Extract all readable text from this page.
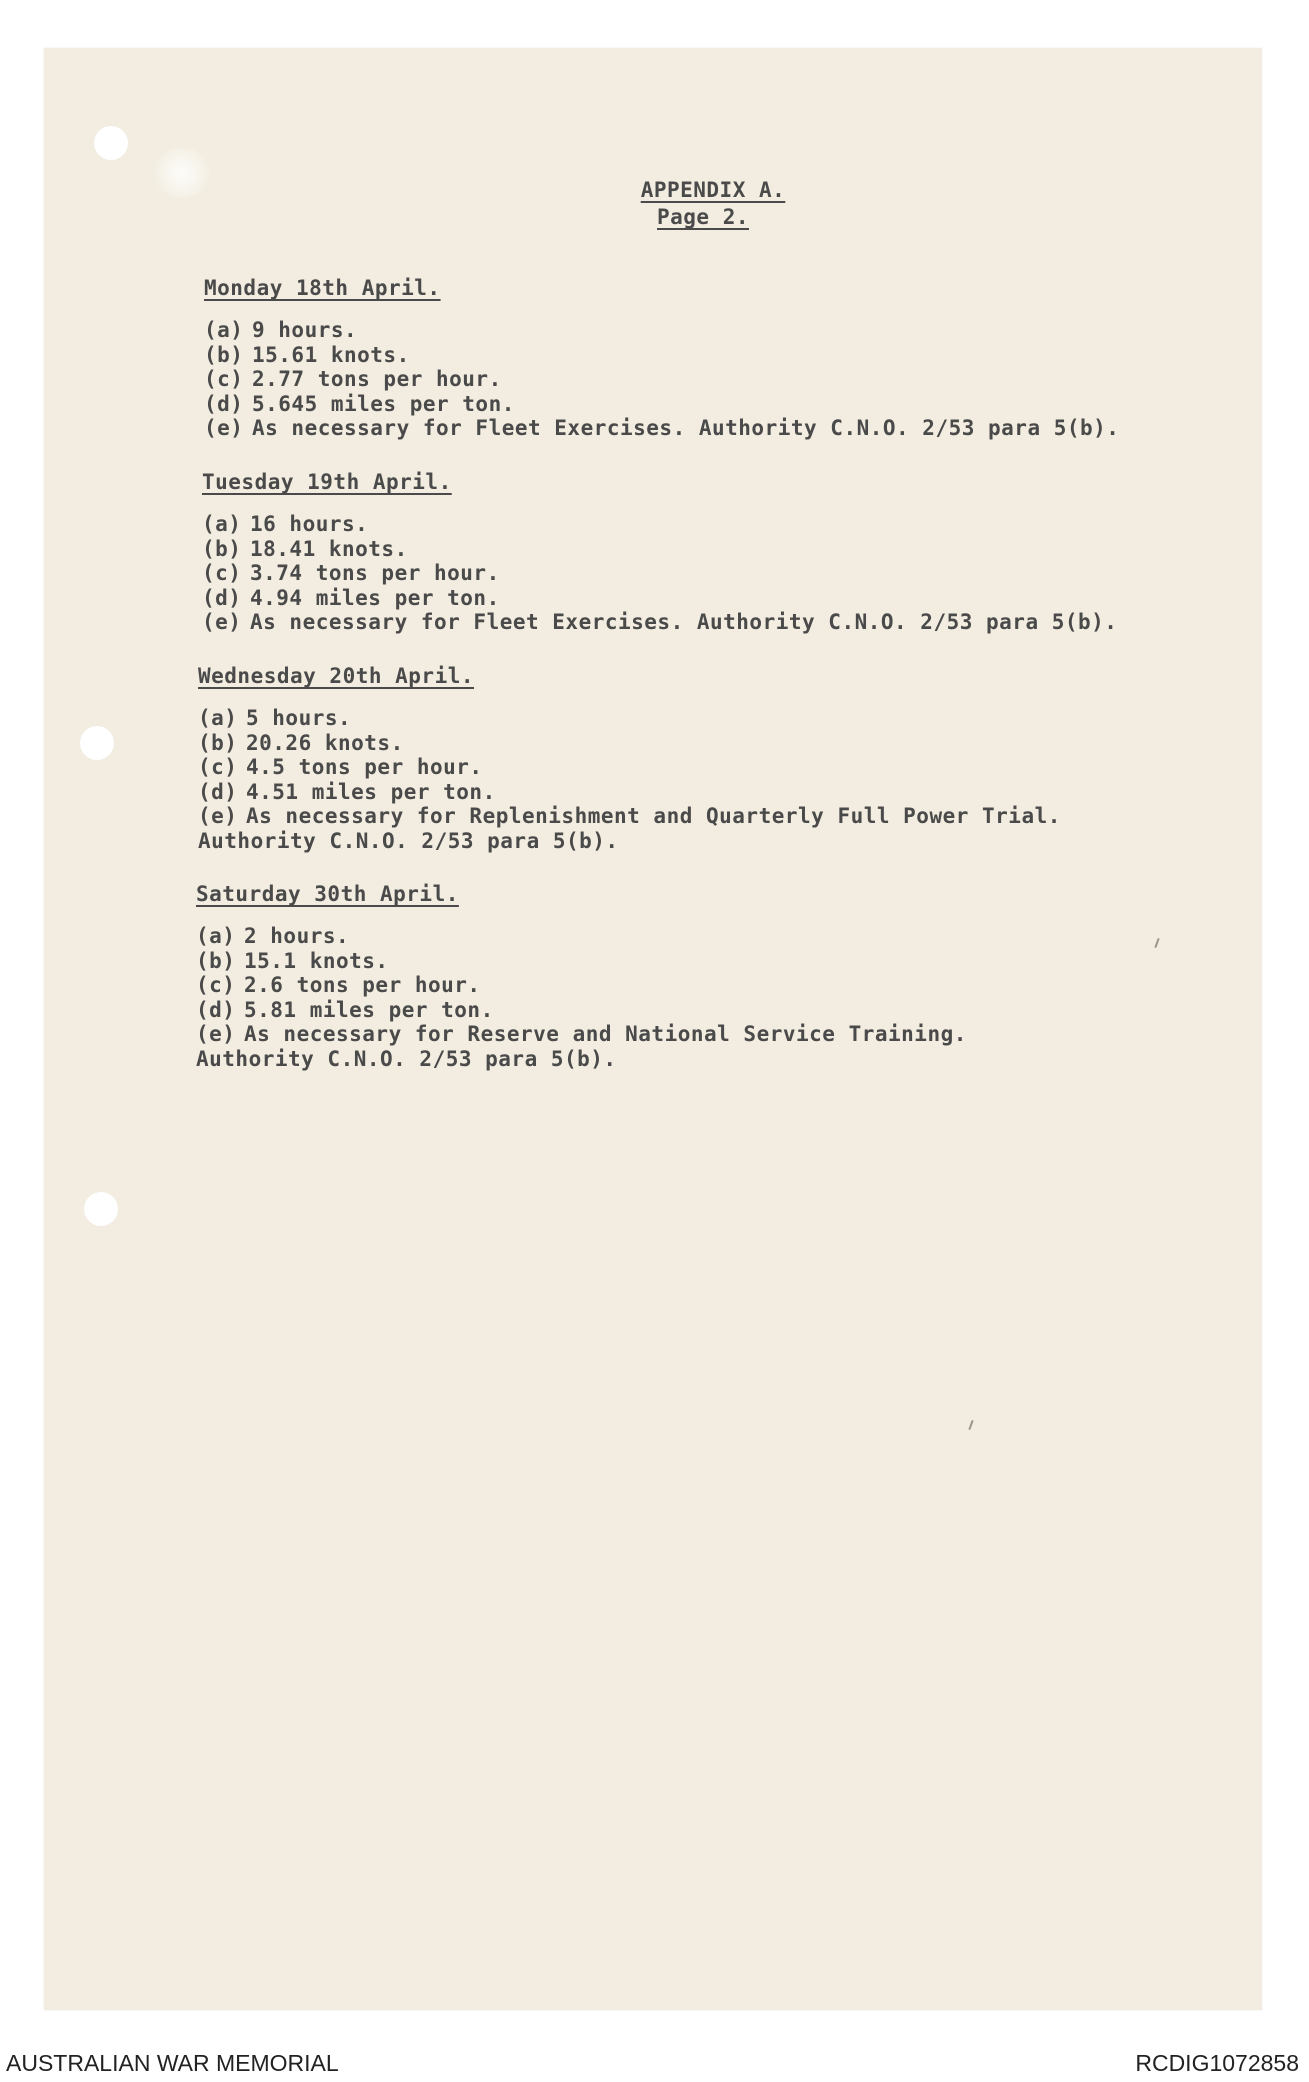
APPENDIX A.
Page 2.
Monday 18th April.
(a) 9 hours.
(b) 15.61 knots.
(c) 2.77 tons per hour.
(d) 5.645 miles per ton.
(e) As necessary for Fleet Exercises. Authority C.N.O. 2/53 para 5(b).
Tuesday 19th April.
(a) 16 hours.
(b) 18.41 knots.
(c) 3.74 tons per hour.
(d) 4.94 miles per ton.
(e) As necessary for Fleet Exercises. Authority C.N.O. 2/53 para 5(b).
Wednesday 20th April.
(a) 5 hours.
(b) 20.26 knots.
(c) 4.5 tons per hour.
(d) 4.51 miles per ton.
(e) As necessary for Replenishment and Quarterly Full Power Trial.
Authority C.N.O. 2/53 para 5(b).
Saturday 30th April.
(a) 2 hours.
(b) 15.1 knots.
(c) 2.6 tons per hour.
(d) 5.81 miles per ton.
(e) As necessary for Reserve and National Service Training.
Authority C.N.O. 2/53 para 5(b).
AUSTRALIAN WAR MEMORIAL	RCDIG1072858
